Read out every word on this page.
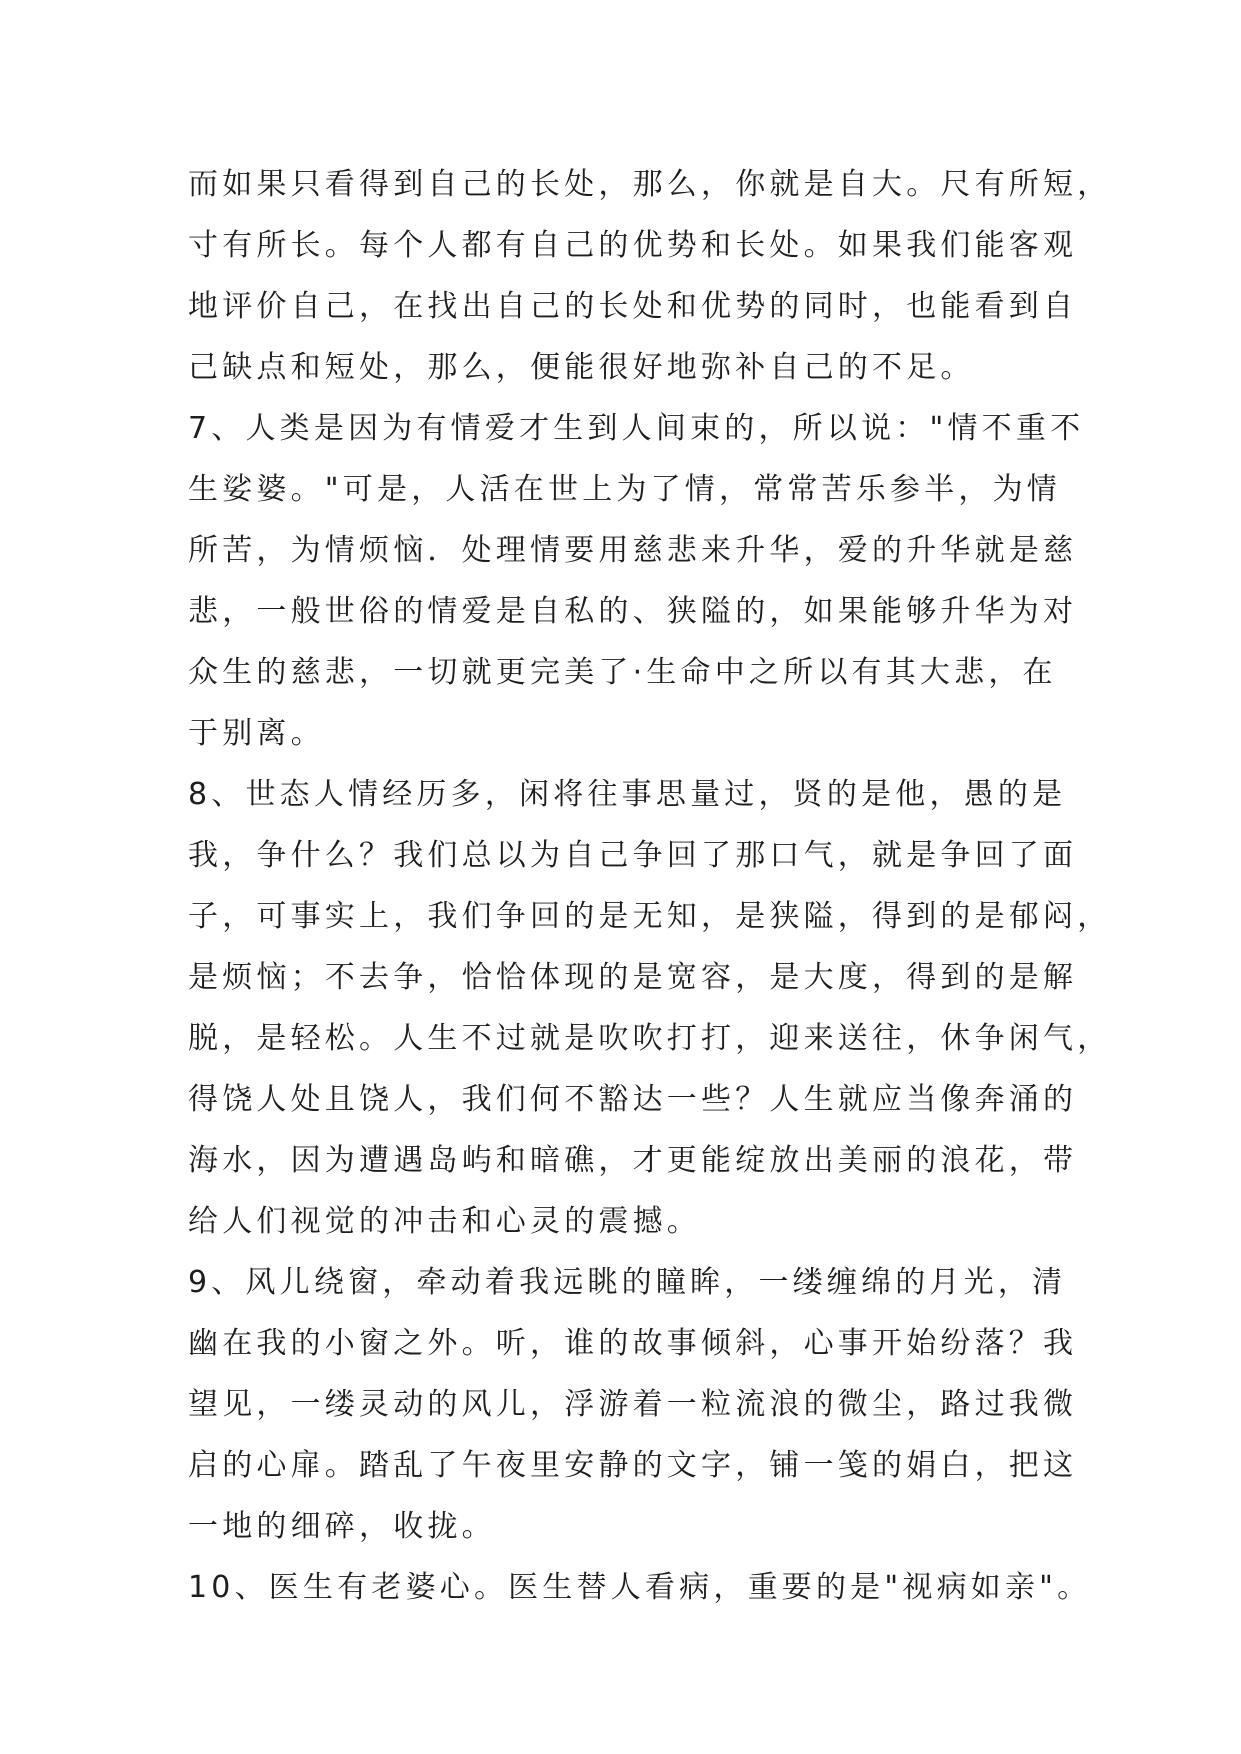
而如果只看得到自己的长处，那么，你就是自大。尺有所短，

寸有所长。每个人都有自己的优势和长处。如果我们能客观

地评价自己，在找出自己的长处和优势的同时，也能看到自

己缺点和短处，那么，便能很好地弥补自己的不足。

7、人类是因为有情爱才生到人间束的，所以说："情不重不

生娑婆。"可是，人活在世上为了情，常常苦乐参半，为情

所苦，为情烦恼．处理情要用慈悲来升华，爱的升华就是慈

悲，一般世俗的情爱是自私的、狭隘的，如果能够升华为对

众生的慈悲，一切就更完美了·生命中之所以有其大悲，在

于别离。

8、世态人情经历多，闲将往事思量过，贤的是他，愚的是

我，争什么？我们总以为自己争回了那口气，就是争回了面

子，可事实上，我们争回的是无知，是狭隘，得到的是郁闷，

是烦恼；不去争，恰恰体现的是宽容，是大度，得到的是解

脱，是轻松。人生不过就是吹吹打打，迎来送往，休争闲气，

得饶人处且饶人，我们何不豁达一些？人生就应当像奔涌的

海水，因为遭遇岛屿和暗礁，才更能绽放出美丽的浪花，带

给人们视觉的冲击和心灵的震撼。

9、风儿绕窗，牵动着我远眺的瞳眸，一缕缠绵的月光，清

幽在我的小窗之外。听，谁的故事倾斜，心事开始纷落？我

望见，一缕灵动的风儿，浮游着一粒流浪的微尘，路过我微

启的心扉。踏乱了午夜里安静的文字，铺一笺的娟白，把这

一地的细碎，收拢。

10、医生有老婆心。医生替人看病，重要的是"视病如亲"。
